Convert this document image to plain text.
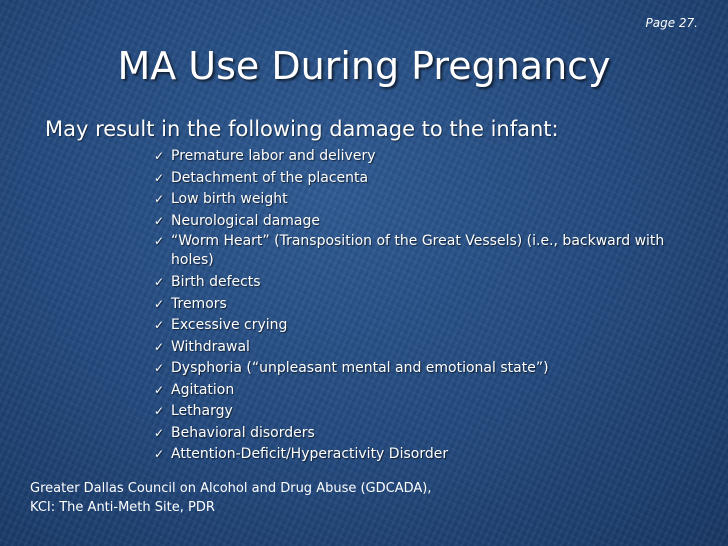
Page 27.
MA Use During Pregnancy
May result in the following damage to the infant:
✓ Premature labor and delivery
✓ Detachment of the placenta
✓ Low birth weight
✓ Neurological damage
✓ “Worm Heart” (Transposition of the Great Vessels) (i.e., backward with holes)
✓ Birth defects
✓ Tremors
✓ Excessive crying
✓ Withdrawal
✓ Dysphoria (“unpleasant mental and emotional state”)
✓ Agitation
✓ Lethargy
✓ Behavioral disorders
✓ Attention-Deficit/Hyperactivity Disorder
Greater Dallas Council on Alcohol and Drug Abuse (GDCADA),
KCI: The Anti-Meth Site, PDR
